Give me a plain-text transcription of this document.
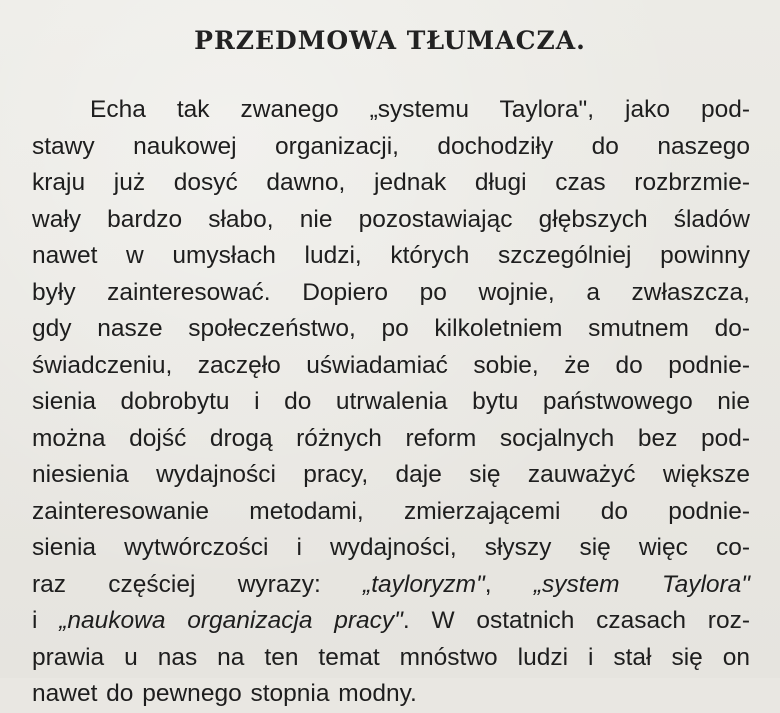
PRZEDMOWA TŁUMACZA.
Echa tak zwanego „systemu Taylora", jako pod-
stawy naukowej organizacji, dochodziły do naszego
kraju już dosyć dawno, jednak długi czas rozbrzmie-
wały bardzo słabo, nie pozostawiając głębszych śladów
nawet w umysłach ludzi, których szczególniej powinny
były zainteresować. Dopiero po wojnie, a zwłaszcza,
gdy nasze społeczeństwo, po kilkoletniem smutnem do-
świadczeniu, zaczęło uświadamiać sobie, że do podnie-
sienia dobrobytu i do utrwalenia bytu państwowego nie
można dojść drogą różnych reform socjalnych bez pod-
niesienia wydajności pracy, daje się zauważyć większe
zainteresowanie metodami, zmierzającemi do podnie-
sienia wytwórczości i wydajności, słyszy się więc co-
raz częściej wyrazy: „tayloryzm", „system Taylora"
i „naukowa organizacja pracy". W ostatnich czasach roz-
prawia u nas na ten temat mnóstwo ludzi i stał się on
nawet do pewnego stopnia modny.
